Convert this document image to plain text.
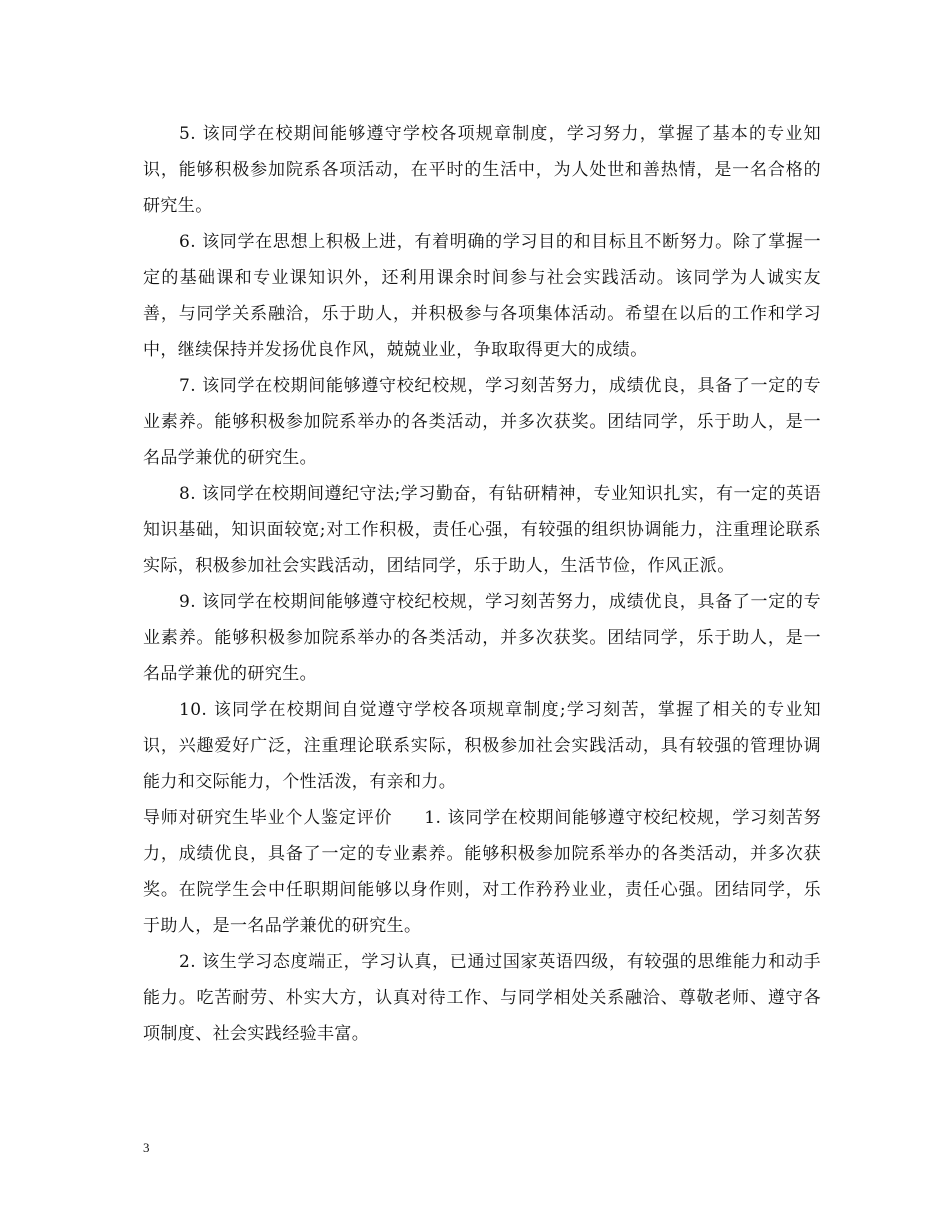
5. 该同学在校期间能够遵守学校各项规章制度，学习努力，掌握了基本的专业知识，能够积极参加院系各项活动，在平时的生活中，为人处世和善热情，是一名合格的研究生。

6. 该同学在思想上积极上进，有着明确的学习目的和目标且不断努力。除了掌握一定的基础课和专业课知识外，还利用课余时间参与社会实践活动。该同学为人诚实友善，与同学关系融洽，乐于助人，并积极参与各项集体活动。希望在以后的工作和学习中，继续保持并发扬优良作风，兢兢业业，争取取得更大的成绩。

7. 该同学在校期间能够遵守校纪校规，学习刻苦努力，成绩优良，具备了一定的专业素养。能够积极参加院系举办的各类活动，并多次获奖。团结同学，乐于助人，是一名品学兼优的研究生。

8. 该同学在校期间遵纪守法;学习勤奋，有钻研精神，专业知识扎实，有一定的英语知识基础，知识面较宽;对工作积极，责任心强，有较强的组织协调能力，注重理论联系实际，积极参加社会实践活动，团结同学，乐于助人，生活节俭，作风正派。

9. 该同学在校期间能够遵守校纪校规，学习刻苦努力，成绩优良，具备了一定的专业素养。能够积极参加院系举办的各类活动，并多次获奖。团结同学，乐于助人，是一名品学兼优的研究生。

10. 该同学在校期间自觉遵守学校各项规章制度;学习刻苦，掌握了相关的专业知识，兴趣爱好广泛，注重理论联系实际，积极参加社会实践活动，具有较强的管理协调能力和交际能力，个性活泼，有亲和力。

导师对研究生毕业个人鉴定评价 1. 该同学在校期间能够遵守校纪校规，学习刻苦努力，成绩优良，具备了一定的专业素养。能够积极参加院系举办的各类活动，并多次获奖。在院学生会中任职期间能够以身作则，对工作矜矜业业，责任心强。团结同学，乐于助人，是一名品学兼优的研究生。

2. 该生学习态度端正，学习认真，已通过国家英语四级，有较强的思维能力和动手能力。吃苦耐劳、朴实大方，认真对待工作、与同学相处关系融洽、尊敬老师、遵守各项制度、社会实践经验丰富。

3
